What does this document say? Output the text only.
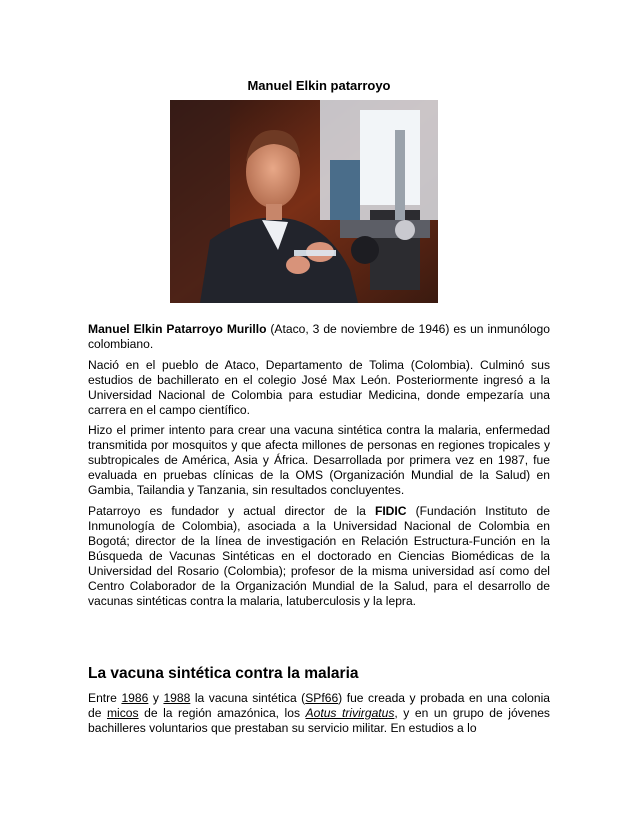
Manuel Elkin patarroyo

Manuel Elkin Patarroyo Murillo (Ataco, 3 de noviembre de 1946) es un inmunólogo colombiano.

Nació en el pueblo de Ataco, Departamento de Tolima (Colombia). Culminó sus estudios de bachillerato en el colegio José Max León. Posteriormente ingresó a la Universidad Nacional de Colombia para estudiar Medicina, donde empezaría una carrera en el campo científico.

Hizo el primer intento para crear una vacuna sintética contra la malaria, enfermedad transmitida por mosquitos y que afecta millones de personas en regiones tropicales y subtropicales de América, Asia y África. Desarrollada por primera vez en 1987, fue evaluada en pruebas clínicas de la OMS (Organización Mundial de la Salud) en Gambia, Tailandia y Tanzania, sin resultados concluyentes.

Patarroyo es fundador y actual director de la FIDIC (Fundación Instituto de Inmunología de Colombia), asociada a la Universidad Nacional de Colombia en Bogotá; director de la línea de investigación en Relación Estructura-Función en la Búsqueda de Vacunas Sintéticas en el doctorado en Ciencias Biomédicas de la Universidad del Rosario (Colombia); profesor de la misma universidad así como del Centro Colaborador de la Organización Mundial de la Salud, para el desarrollo de vacunas sintéticas contra la malaria, latuberculosis y la lepra.

La vacuna sintética contra la malaria
Entre 1986 y 1988 la vacuna sintética (SPf66) fue creada y probada en una colonia de micos de la región amazónica, los Aotus trivirgatus, y en un grupo de jóvenes bachilleres voluntarios que prestaban su servicio militar. En estudios a lo
